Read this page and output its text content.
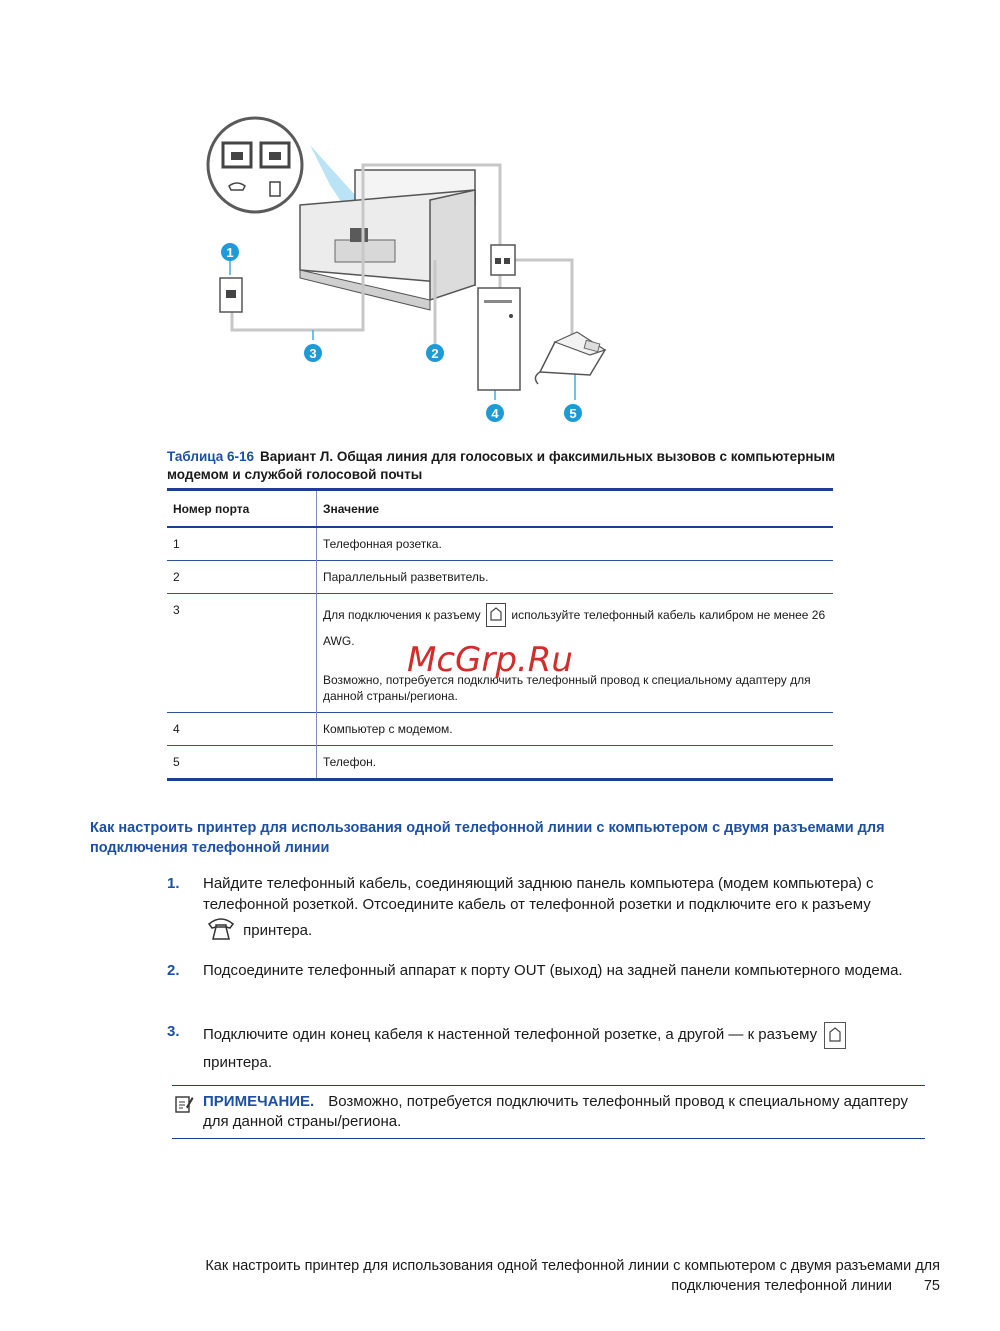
1
3	2
4	5
Таблица 6-16 Вариант Л. Общая линия для голосовых и факсимильных вызовов с компьютерным модемом и службой голосовой почты
Номер порта	Значение
1	Телефонная розетка.
2	Параллельный разветвитель.
3	Для подключения к разъему используйте телефонный кабель калибром не менее 26 AWG.
Возможно, потребуется подключить телефонный провод к специальному адаптеру для данной страны/региона.

4	Компьютер с модемом.
5	Телефон.
McGrp.Ru
Как настроить принтер для использования одной телефонной линии с компьютером с двумя разъемами для подключения телефонной линии
1. Найдите телефонный кабель, соединяющий заднюю панель компьютера (модем компьютера) с телефонной розеткой. Отсоедините кабель от телефонной розетки и подключите его к разъему  принтера.
2. Подсоедините телефонный аппарат к порту OUT (выход) на задней панели компьютерного модема.
3. Подключите один конец кабеля к настенной телефонной розетке, а другой — к разъему  принтера.
ПРИМЕЧАНИЕ. Возможно, потребуется подключить телефонный провод к специальному адаптеру для данной страны/региона.
Как настроить принтер для использования одной телефонной линии с компьютером с двумя разъемами для
подключения телефонной линии 75
